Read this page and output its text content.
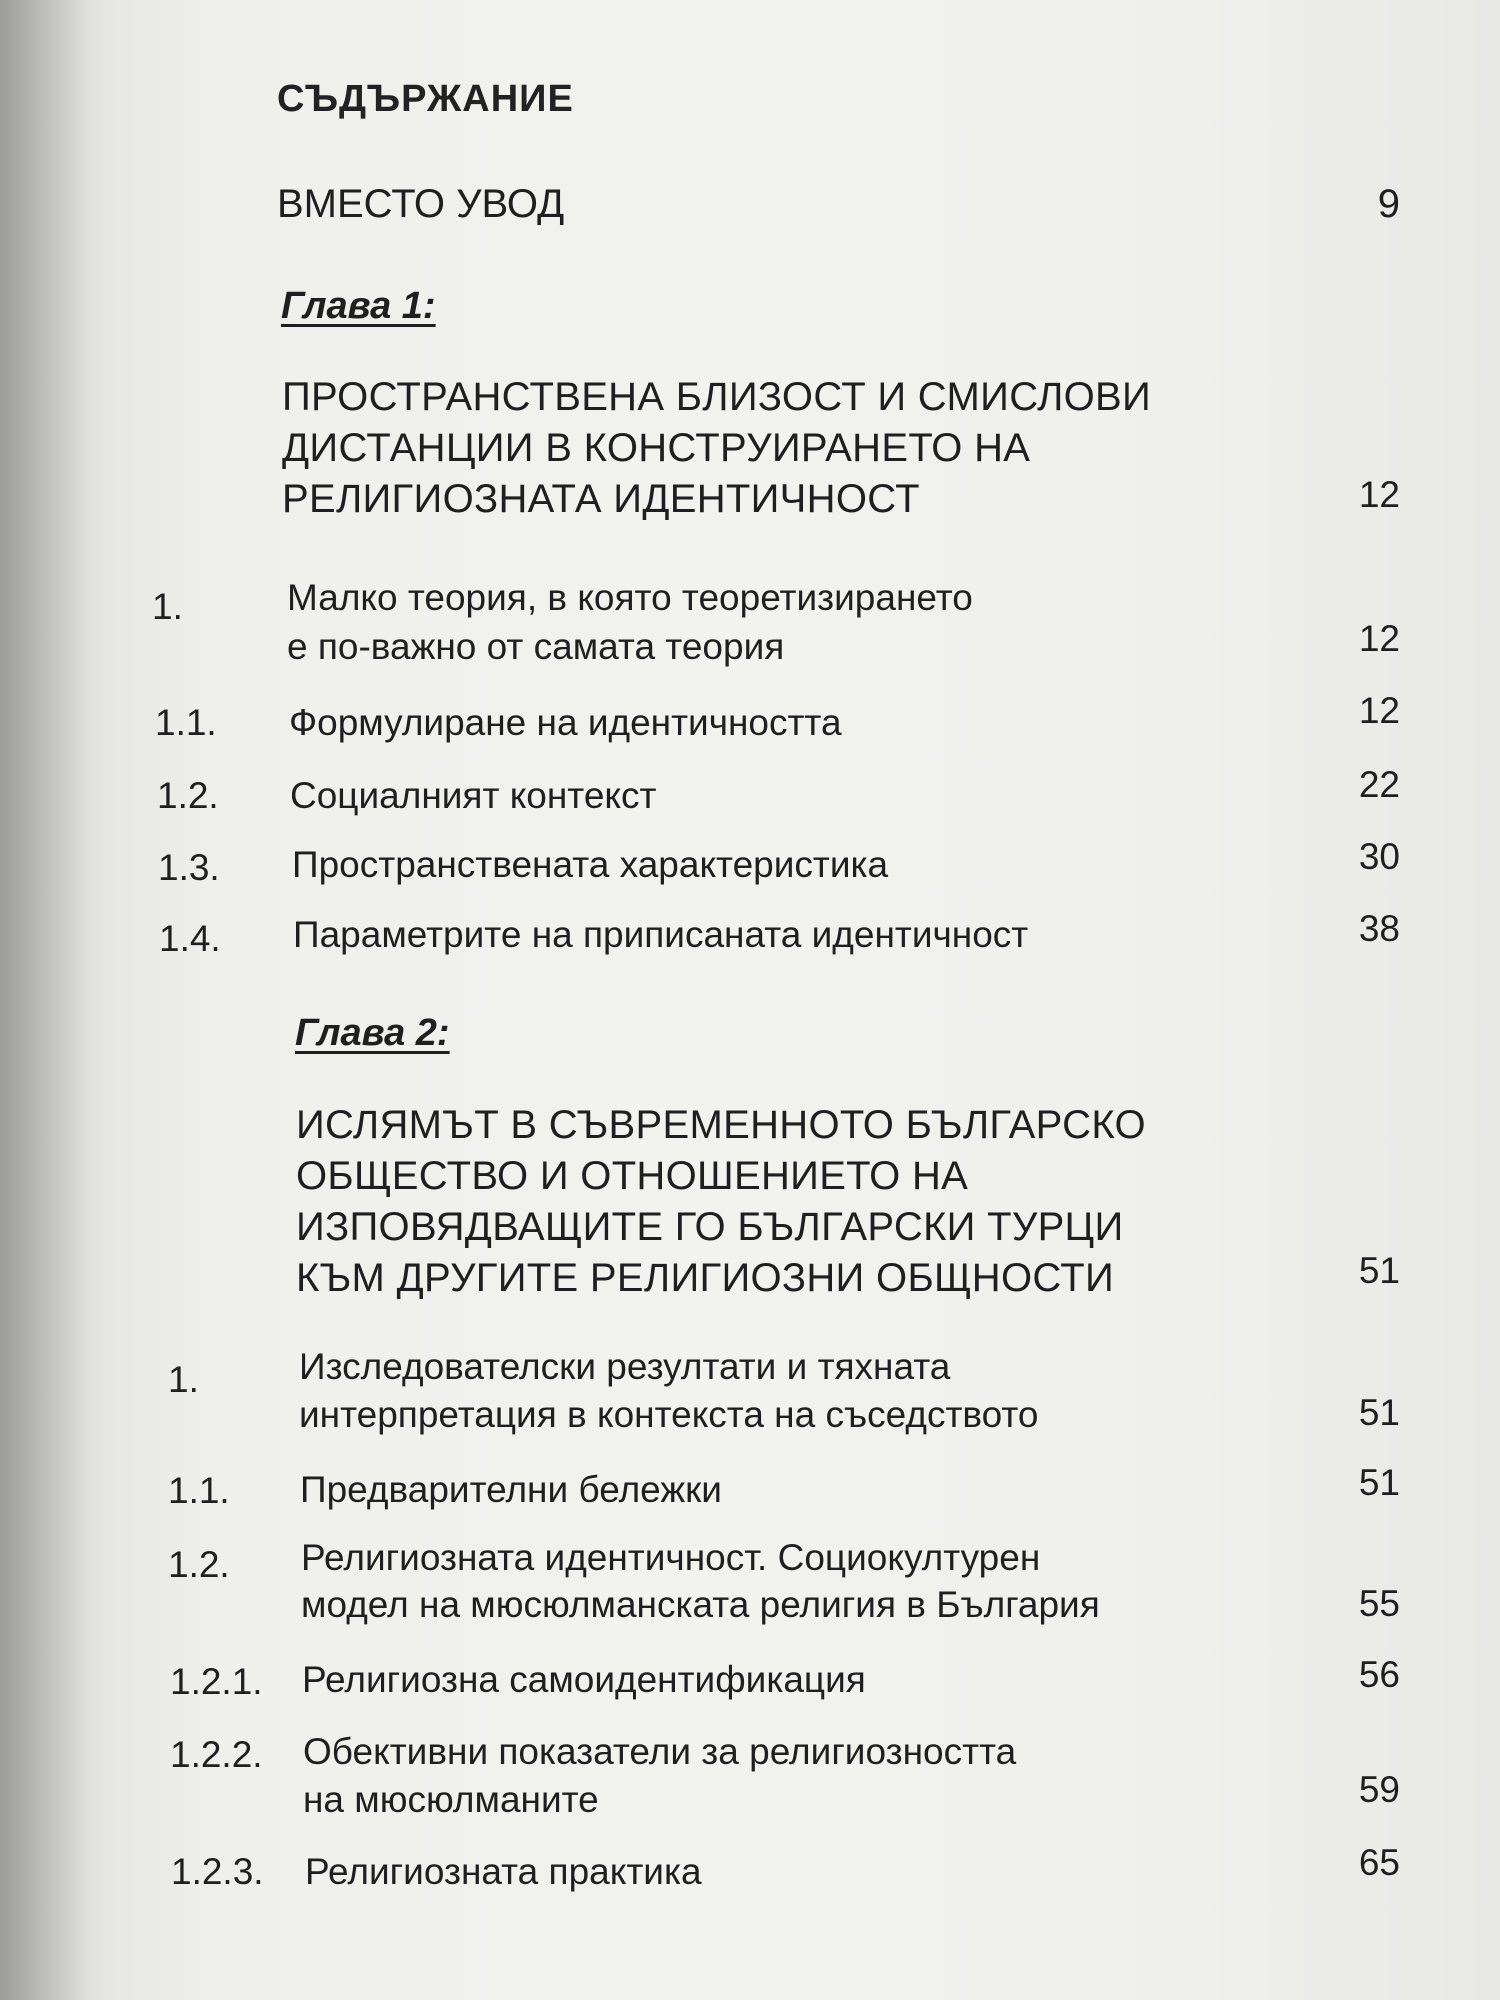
СЪДЪРЖАНИЕ
ВМЕСТО УВОД	9
Глава 1:
ПРОСТРАНСТВЕНА БЛИЗОСТ И СМИСЛОВИ
ДИСТАНЦИИ В КОНСТРУИРАНЕТО НА
РЕЛИГИОЗНАТА ИДЕНТИЧНОСТ	12
1.	Малко теория, в която теоретизирането
е по-важно от самата теория	12
1.1. Формулиране на идентичността	12
1.2. Социалният контекст	22
1.3. Пространствената характеристика	30
1.4. Параметрите на приписаната идентичност	38
Глава 2:
ИСЛЯМЪТ В СЪВРЕМЕННОТО БЪЛГАРСКО
ОБЩЕСТВО И ОТНОШЕНИЕТО НА
ИЗПОВЯДВАЩИТЕ ГО БЪЛГАРСКИ ТУРЦИ
КЪМ ДРУГИТЕ РЕЛИГИОЗНИ ОБЩНОСТИ	51
1.	Изследователски резултати и тяхната
интерпретация в контекста на съседството	51
1.1. Предварителни бележки	51
1.2. Религиозната идентичност. Социокултурен
модел на мюсюлманската религия в България	55
1.2.1. Религиозна самоидентификация	56
1.2.2. Обективни показатели за религиозността
на мюсюлманите	59
1.2.3. Религиозната практика	65
